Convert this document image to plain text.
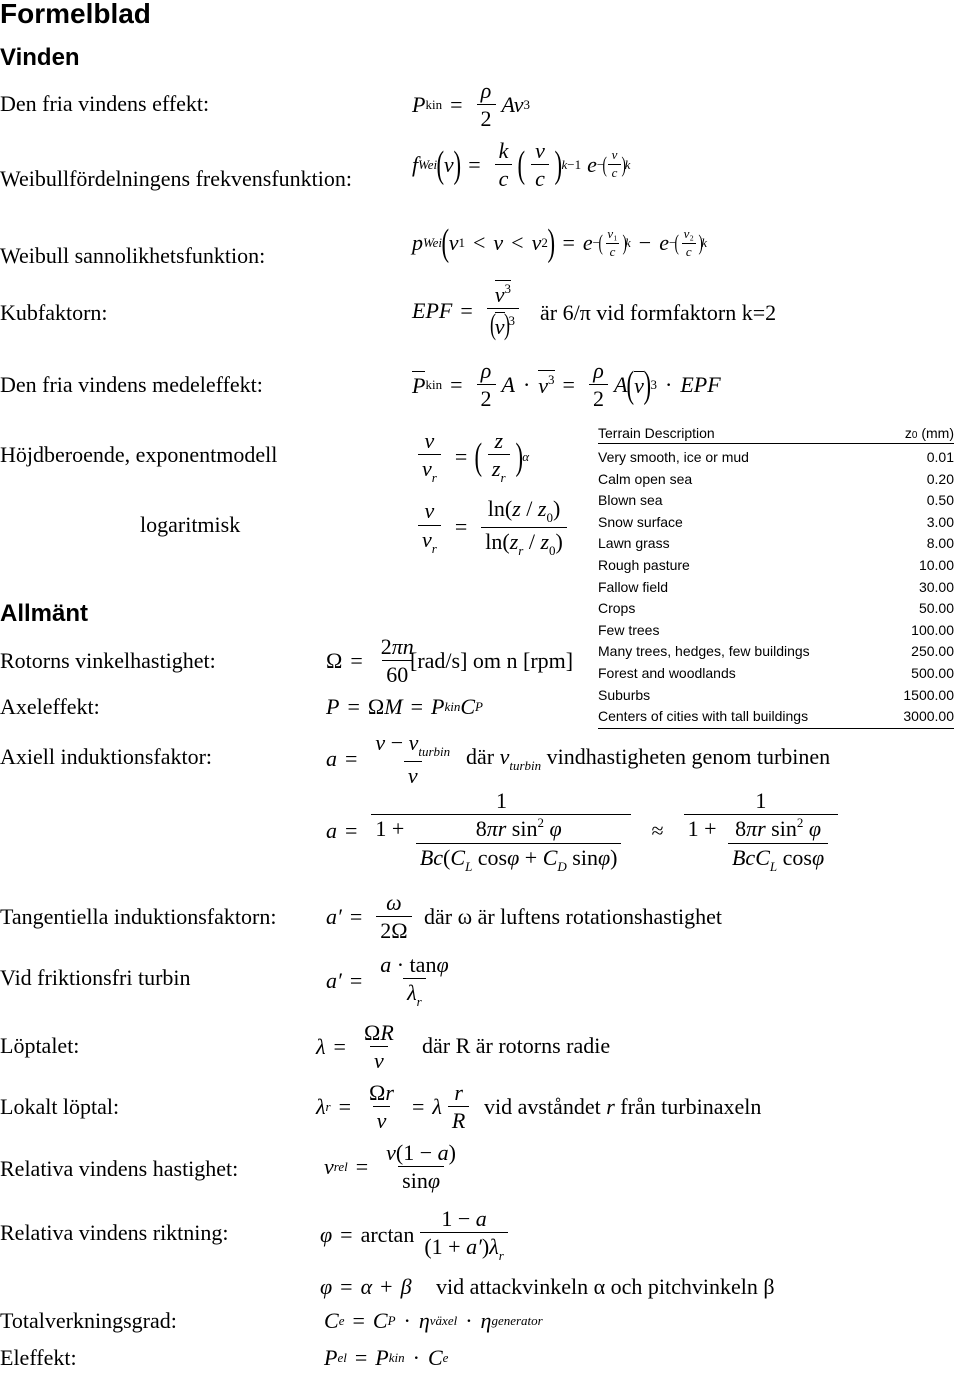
Formelblad
Vinden
Den fria vindens effekt:
Weibullfördelningens frekvensfunktion:
Weibull sannolikhetsfunktion:
Kubfaktorn:
Den fria vindens medeleffekt:
Höjdberoende, exponentmodell
logaritmisk
Allmänt
Rotorns vinkelhastighet:
Axeleffekt:
Axiell induktionsfaktor:
Tangentiella induktionsfaktorn:
Vid friktionsfri turbin
Löptalet:
Lokalt löptal:
Relativa vindens hastighet:
Relativa vindens riktning:
Totalverkningsgrad:
Eleffekt:
P kin = $\frac{\rho}{2}$ Av 3
f Wei ( v ) = $\frac{k}{c}$ ( $\frac{v}{c}$ ) k−1 e −
( $\frac{v}{c}$ )
k
p Wei ( v 1 < v < v 2 ) = e −
( $\frac{\text{v₁}}{c}$ )
k − e −
( $\frac{\text{v₂}}{c}$ )
k
EPF = $\frac{v^3}{(v)^3}$ är 6/π vid formfaktorn k=2
P kin = $\frac{\rho}{2}$ $A \cdot v^3 = \frac{\rho}{2}$ A ( v ) 3 · EPF
$\frac{v}{v_r}$ = ( $\frac{z}{z_r}$ ) α
$\frac{v}{v_r} = \frac{\ln(z / z_0)}{\ln(z_r / z_0)}$
Terrain Description	z0 (mm)
Very smooth, ice or mud	0.01
Calm open sea	0.20
Blown sea	0.50
Snow surface	3.00
Lawn grass	8.00
Rough pasture	10.00
Fallow field	30.00
Crops	50.00
Few trees	100.00
Many trees, hedges, few buildings	250.00
Forest and woodlands	500.00
Suburbs	1500.00
Centers of cities with tall buildings	3000.00
$\Omega = \frac{2\pi n}{60}$
[rad/s] om n [rpm]
P = Ω M = P kin C P
$a = \frac{v - v_{turbin}}{v}$ där $v_{turbin}$ vindhastigheten genom turbinen
$a = \frac{1}{1 + \frac{8\pi r \sin^2 \varphi}{Bc(C_L \cos\varphi + C_D \sin\varphi)}} \approx \frac{1}{1 + \frac{8\pi r \sin^2 \varphi}{BcC_L \cos\varphi}}$
$a' = \frac{\omega}{2\Omega}$ där ω är luftens rotationshastighet
$a' = \frac{a \cdot \tan\varphi}{\lambda_r}$
$\lambda = \frac{\Omega R}{v}$ där R är rotorns radie
λ $r = \frac{\Omega r}{v} = \lambda \frac{r}{R}$ vid avståndet r från turbinaxeln
v rel = $\frac{v(1 - a)}{\sin\varphi}$
$\varphi = \arctan \frac{1 - a}{(1 + a')\lambda_r}$
φ = α + β vid attackvinkeln α och pitchvinkeln β
C e = C P · η växel · η generator
P el = P kin · C e
